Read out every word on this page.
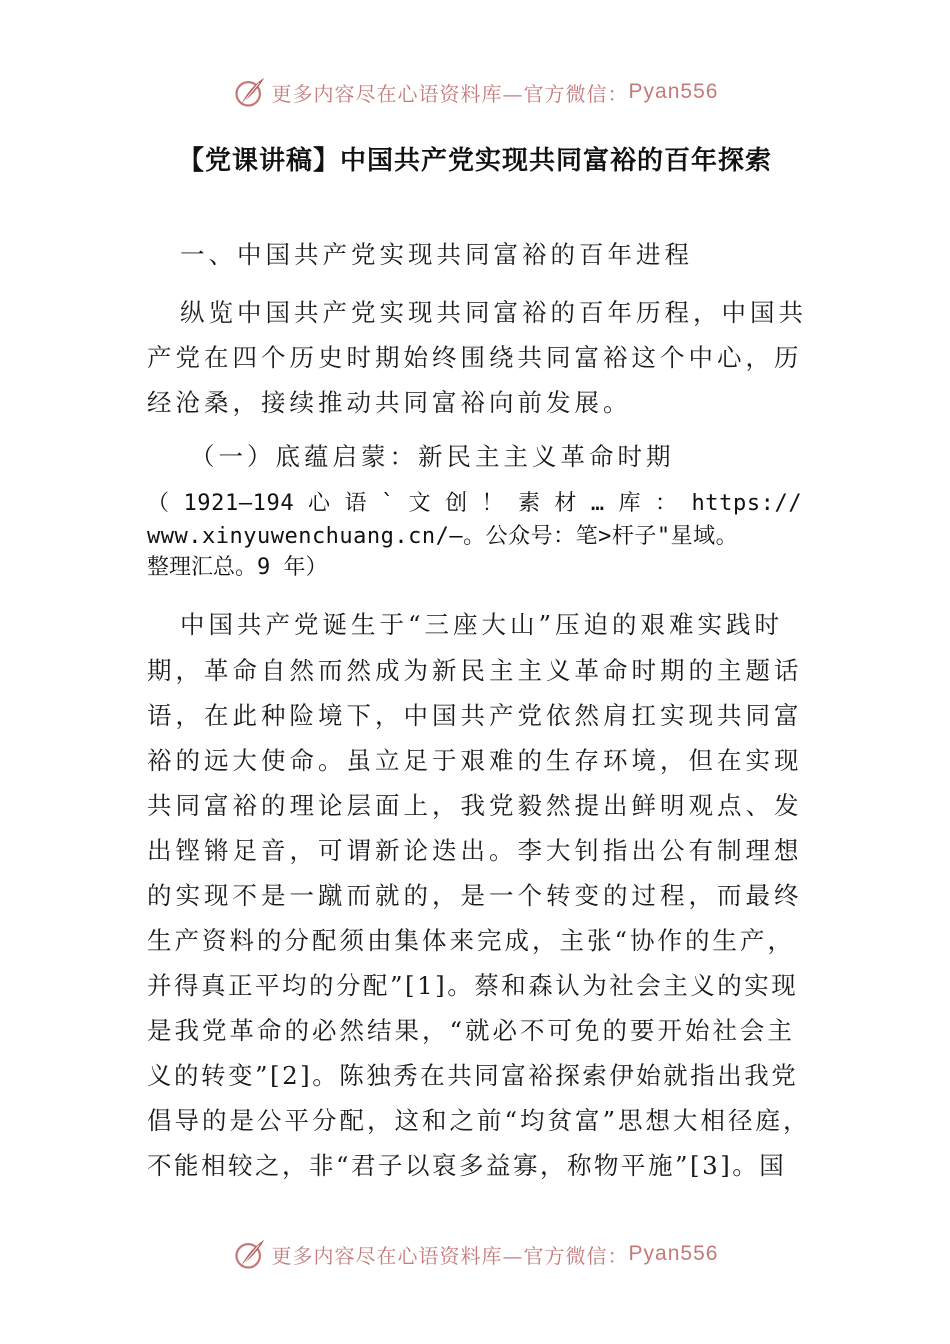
更多内容尽在心语资料库—官方微信： Pyan556
【党课讲稿】中国共产党实现共同富裕的百年探索
一、中国共产党实现共同富裕的百年进程
纵览中国共产党实现共同富裕的百年历程，中国共
产党在四个历史时期始终围绕共同富裕这个中心，历
经沧桑，接续推动共同富裕向前发展。
（一）底蕴启蒙：新民主主义革命时期
（ 1921—194 心 语 ` 文 创 ！ 素 材 … 库 ： https://
www.xinyuwenchuang.cn/—。公众号：笔>杆子"星域。
整理汇总。9 年）
中国共产党诞生于“三座大山”压迫的艰难实践时
期，革命自然而然成为新民主主义革命时期的主题话
语，在此种险境下，中国共产党依然肩扛实现共同富
裕的远大使命。虽立足于艰难的生存环境，但在实现
共同富裕的理论层面上，我党毅然提出鲜明观点、发
出铿锵足音，可谓新论迭出。李大钊指出公有制理想
的实现不是一蹴而就的，是一个转变的过程，而最终
生产资料的分配须由集体来完成，主张“协作的生产，
并得真正平均的分配”[1]。蔡和森认为社会主义的实现
是我党革命的必然结果，“就必不可免的要开始社会主
义的转变”[2]。陈独秀在共同富裕探索伊始就指出我党
倡导的是公平分配，这和之前“均贫富”思想大相径庭，
不能相较之，非“君子以裒多益寡，称物平施”[3]。国
更多内容尽在心语资料库—官方微信： Pyan556
